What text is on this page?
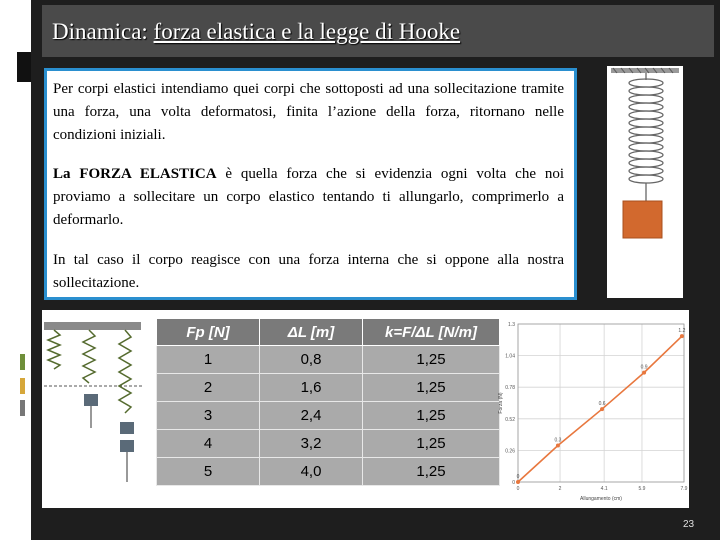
Dinamica: forza elastica e la legge di Hooke

Per corpi elastici intendiamo quei corpi che sottoposti ad una sollecitazione tramite una forza, una volta deformatosi, finita l’azione della forza, ritornano nelle condizioni iniziali.

La FORZA ELASTICA è quella forza che si evidenzia ogni volta che noi proviamo a sollecitare un corpo elastico tentando ti allungarlo, comprimerlo a deformarlo.

In tal caso il corpo reagisce con una forza interna che si oppone alla nostra sollecitazione.

Fp [N]	ΔL [m]	k=F/ΔL [N/m]
1	0,8	1,25
2	1,6	1,25
3	2,4	1,25
4	3,2	1,25
5	4,0	1,25
0
0.26
0.52
0.78
1.04
1.3
0	2	4.1	5.9	7.9
Allungamento (cm)
Forza (N)
0
0.3
0.6
0.9
1.2
23
